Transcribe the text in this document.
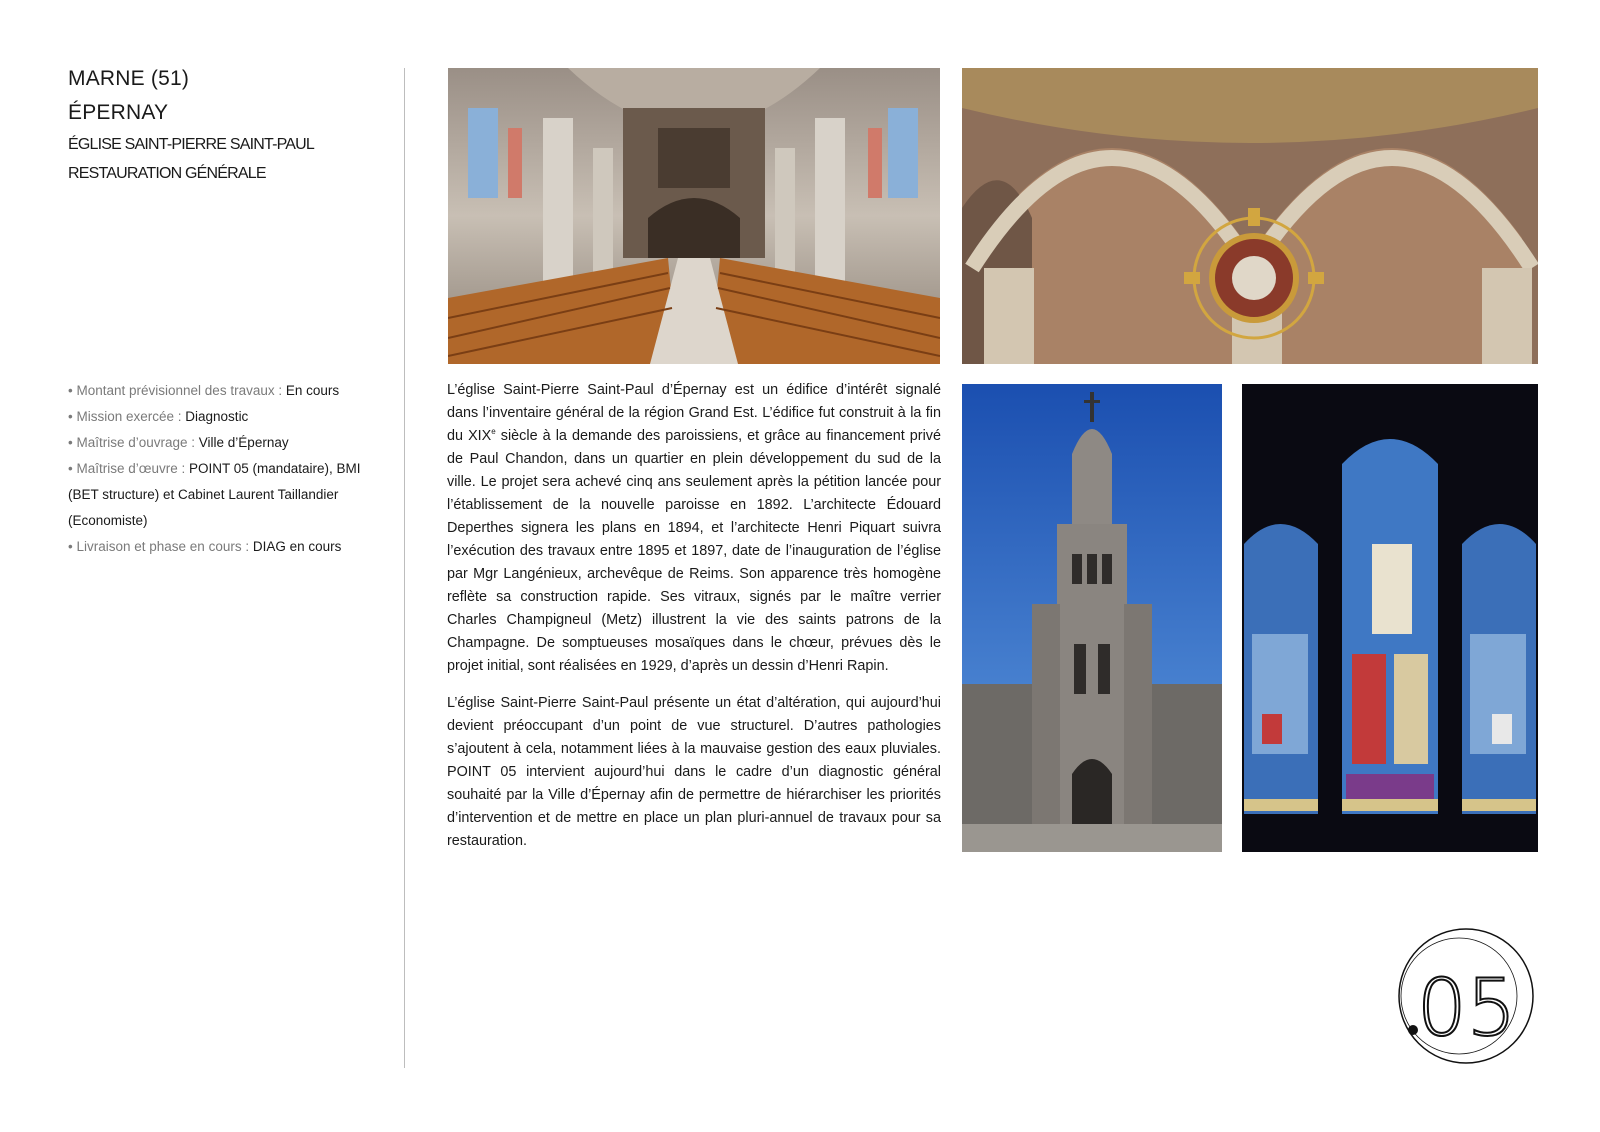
MARNE (51)
ÉPERNAY
ÉGLISE SAINT-PIERRE SAINT-PAUL
RESTAURATION GÉNÉRALE

• Montant prévisionnel des travaux : En cours

• Mission exercée : Diagnostic

• Maîtrise d’ouvrage : Ville d’Épernay

• Maîtrise d’œuvre : POINT 05 (mandataire), BMI (BET structure) et Cabinet Laurent Taillandier (Economiste)

• Livraison et phase en cours : DIAG en cours

L’église Saint-Pierre Saint-Paul d’Épernay est un édifice d’intérêt signalé dans l’inventaire général de la région Grand Est. L’édifice fut construit à la fin du XIXe siècle à la demande des paroissiens, et grâce au financement privé de Paul Chandon, dans un quartier en plein développement du sud de la ville. Le projet sera achevé cinq ans seulement après la pétition lancée pour l’établissement de la nouvelle paroisse en 1892. L’architecte Édouard Deperthes signera les plans en 1894, et l’architecte Henri Piquart suivra l’exécution des travaux entre 1895 et 1897, date de l’inauguration de l’église par Mgr Langénieux, archevêque de Reims. Son apparence très homogène reflète sa construction rapide. Ses vitraux, signés par le maître verrier Charles Champigneul (Metz) illustrent la vie des saints patrons de la Champagne. De somptueuses mosaïques dans le chœur, prévues dès le projet initial, sont réalisées en 1929, d’après un dessin d’Henri Rapin.

L’église Saint-Pierre Saint-Paul présente un état d’altération, qui aujourd’hui devient préoccupant d’un point de vue structurel. D’autres pathologies s’ajoutent à cela, notamment liées à la mauvaise gestion des eaux pluviales. POINT 05 intervient aujourd’hui dans le cadre d’un diagnostic général souhaité par la Ville d’Épernay afin de permettre de hiérarchiser les priorités d’intervention et de mettre en place un plan pluri-annuel de travaux pour sa restauration.

05
